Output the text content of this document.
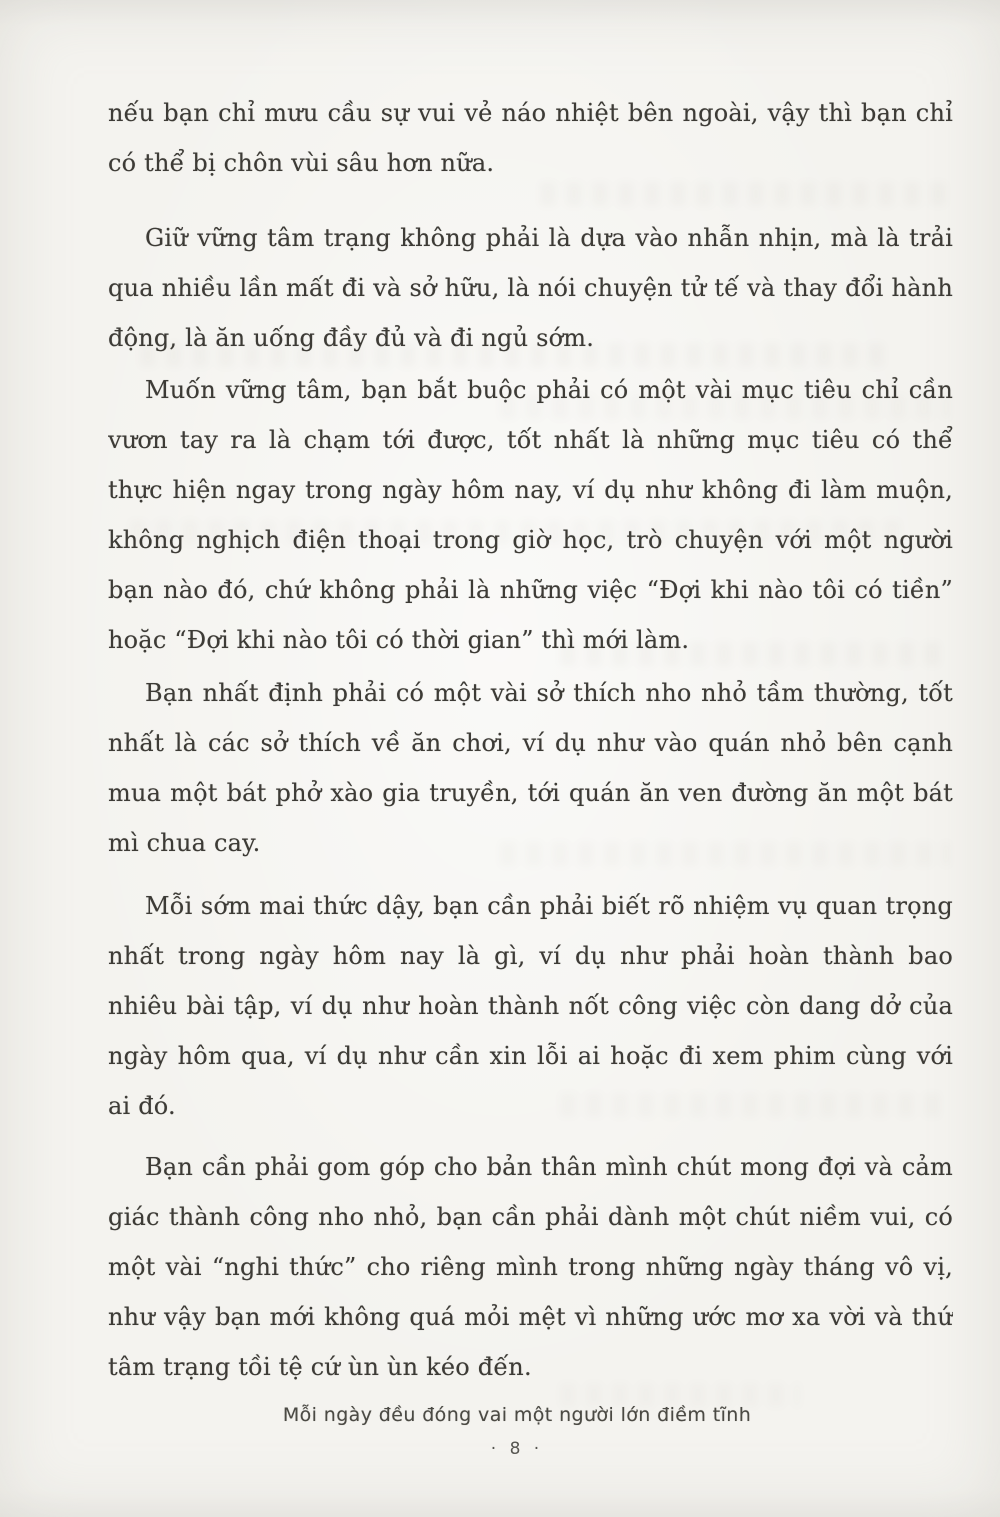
nếu bạn chỉ mưu cầu sự vui vẻ náo nhiệt bên ngoài, vậy thì bạn chỉ
có thể bị chôn vùi sâu hơn nữa.
Giữ vững tâm trạng không phải là dựa vào nhẫn nhịn, mà là trải
qua nhiều lần mất đi và sở hữu, là nói chuyện tử tế và thay đổi hành
động, là ăn uống đầy đủ và đi ngủ sớm.
Muốn vững tâm, bạn bắt buộc phải có một vài mục tiêu chỉ cần
vươn tay ra là chạm tới được, tốt nhất là những mục tiêu có thể
thực hiện ngay trong ngày hôm nay, ví dụ như không đi làm muộn,
không nghịch điện thoại trong giờ học, trò chuyện với một người
bạn nào đó, chứ không phải là những việc “Đợi khi nào tôi có tiền”
hoặc “Đợi khi nào tôi có thời gian” thì mới làm.
Bạn nhất định phải có một vài sở thích nho nhỏ tầm thường, tốt
nhất là các sở thích về ăn chơi, ví dụ như vào quán nhỏ bên cạnh
mua một bát phở xào gia truyền, tới quán ăn ven đường ăn một bát
mì chua cay.
Mỗi sớm mai thức dậy, bạn cần phải biết rõ nhiệm vụ quan trọng
nhất trong ngày hôm nay là gì, ví dụ như phải hoàn thành bao
nhiêu bài tập, ví dụ như hoàn thành nốt công việc còn dang dở của
ngày hôm qua, ví dụ như cần xin lỗi ai hoặc đi xem phim cùng với
ai đó.
Bạn cần phải gom góp cho bản thân mình chút mong đợi và cảm
giác thành công nho nhỏ, bạn cần phải dành một chút niềm vui, có
một vài “nghi thức” cho riêng mình trong những ngày tháng vô vị,
như vậy bạn mới không quá mỏi mệt vì những ước mơ xa vời và thứ
tâm trạng tồi tệ cứ ùn ùn kéo đến.
Mỗi ngày đều đóng vai một người lớn điềm tĩnh
· 8 ·
